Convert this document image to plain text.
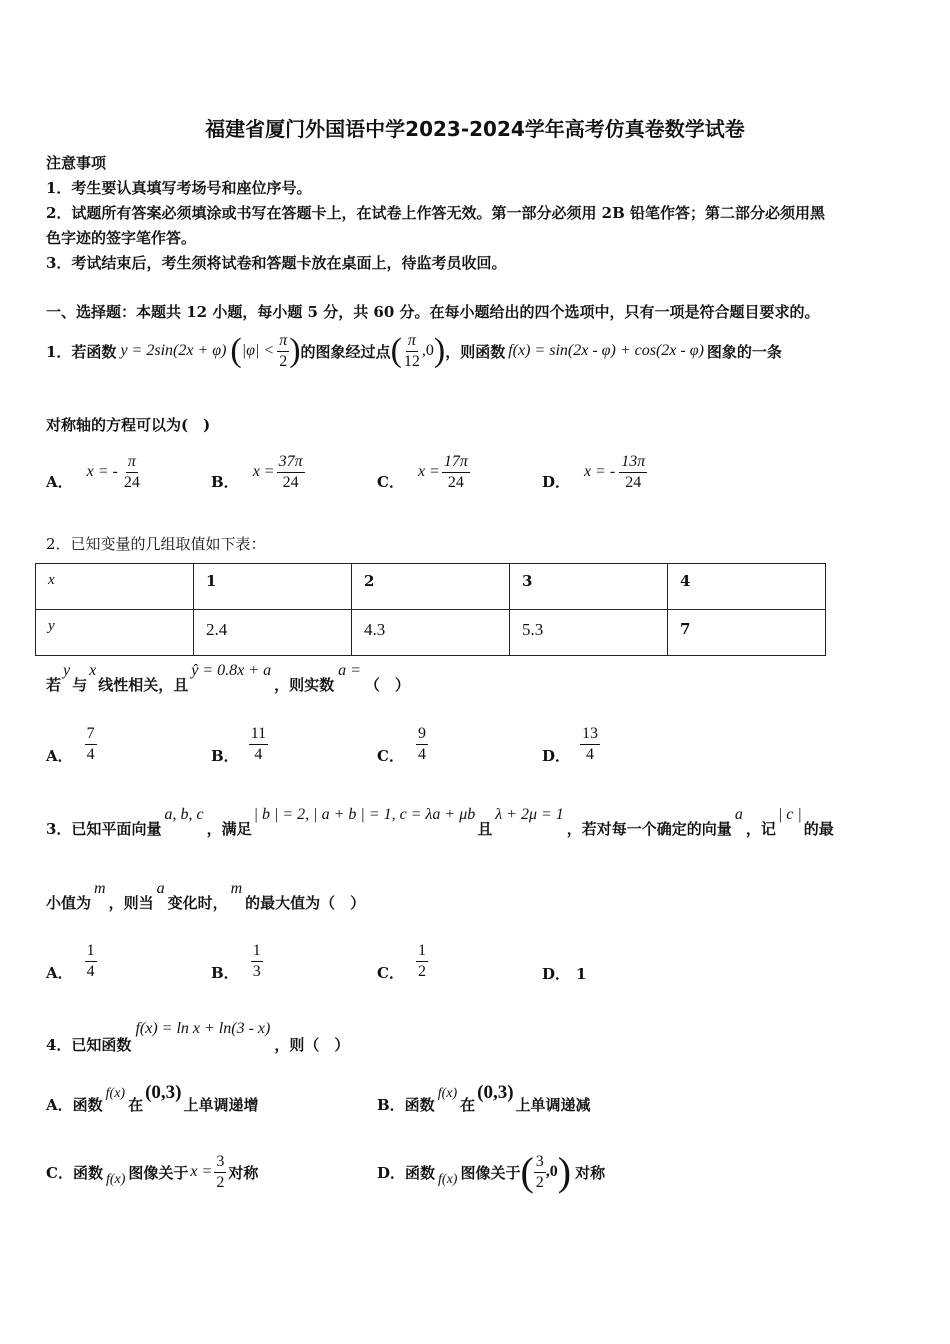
福建省厦门外国语中学2023-2024学年高考仿真卷数学试卷
注意事项
1．考生要认真填写考场号和座位序号。
2．试题所有答案必须填涂或书写在答题卡上，在试卷上作答无效。第一部分必须用 2B 铅笔作答；第二部分必须用黑
色字迹的签字笔作答。
3．考试结束后，考生须将试卷和答题卡放在桌面上，待监考员收回。
一、选择题：本题共 12 小题，每小题 5 分，共 60 分。在每小题给出的四个选项中，只有一项是符合题目要求的。
1．若函数 y = 2sin(2x + φ) ( $|\varphi| < \frac{\pi}{2}$ ) 的图象经过点 ( $\frac{\pi}{12} ,0$ ) ，则函数 f(x) = sin(2x - φ) + cos(2x - φ) 图象的一条
对称轴的方程可以为(　)
A．
x = - $\frac{\pi}{24}$	B．
$x = \frac{37\pi}{24}$	C．
$x = \frac{17\pi}{24}$	D．
x = - $\frac{13\pi}{24}$
2．已知变量的几组取值如下表：
x	1	2	3	4
y	2.4	4.3	5.3	7
若
y
与
x
线性相关，且
ŷ = 0.8x + a
，则实数
a =
（　）
A． $\frac{7}{4}$	B． $\frac{11}{4}$	C． $\frac{9}{4}$	D． $\frac{13}{4}$
3．已知平面向量
a, b, c
，满足
| b | = 2, | a + b | = 1, c = λa + μb
且
λ + 2μ = 1
，若对每一个确定的向量
a
，记
| c |
的最
小值为
m
，则当
a
变化时，
m
的最大值为（　）
A． $\frac{1}{4}$	B． $\frac{1}{3}$	C． $\frac{1}{2}$	D． 1
4．已知函数
f(x) = ln x + ln(3 - x)
，则（　）
A．函数
f(x)
在
(0,3)
上单调递增	B．函数
f(x)
在
(0,3)
上单调递减
C．函数 f(x) 图像关于 $x = \frac{3}{2}$ 对称	D．函数 f(x) 图像关于 ( $\frac{3}{2} ,0$ ) 对称
